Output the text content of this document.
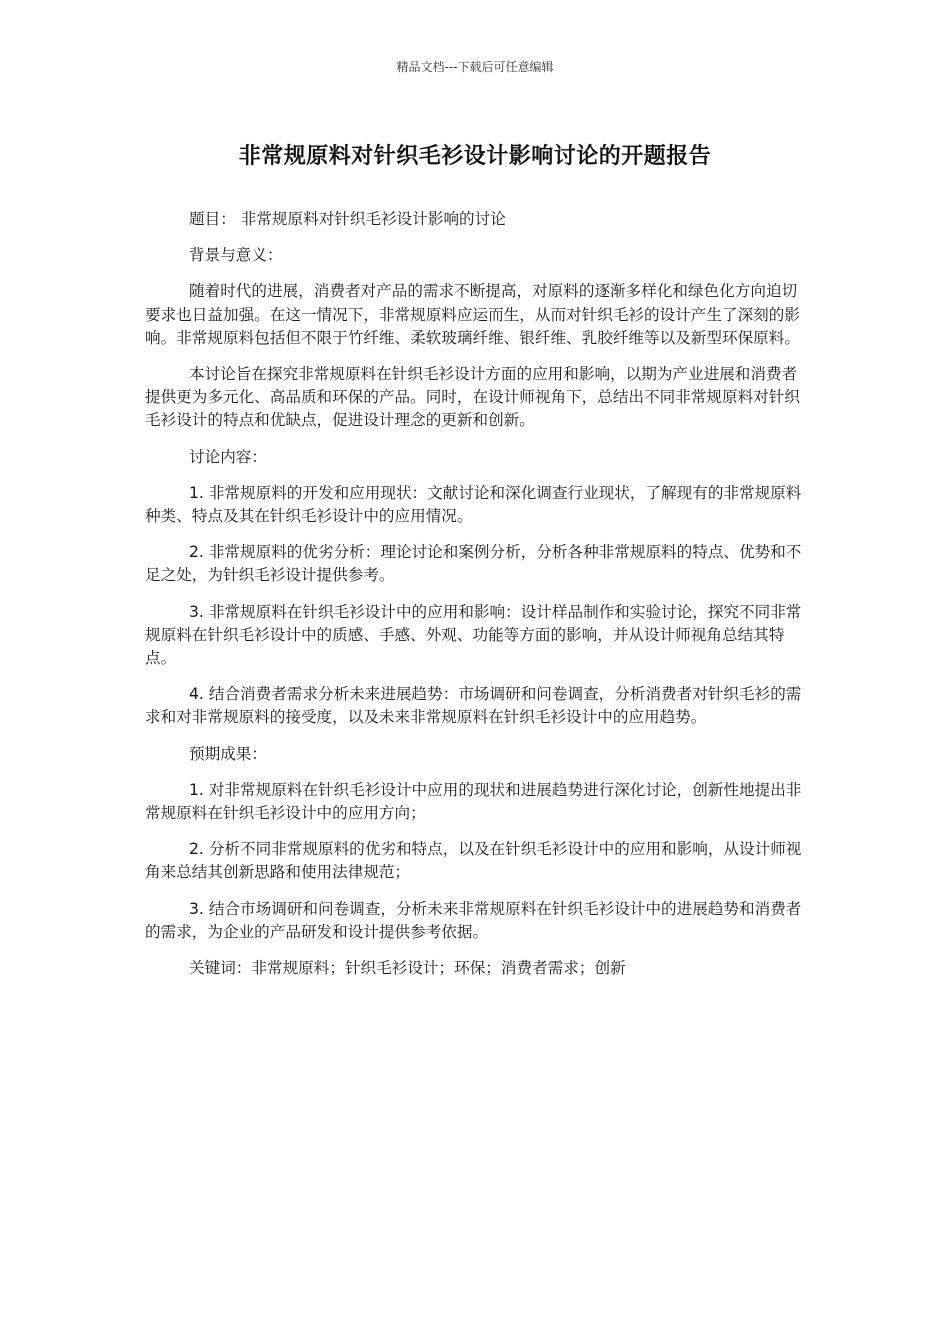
精品文档---下载后可任意编辑
非常规原料对针织毛衫设计影响讨论的开题报告

题目： 非常规原料对针织毛衫设计影响的讨论

背景与意义：

随着时代的进展，消费者对产品的需求不断提高，对原料的逐渐多样化和绿色化方向迫切要求也日益加强。在这一情况下，非常规原料应运而生，从而对针织毛衫的设计产生了深刻的影响。非常规原料包括但不限于竹纤维、柔软玻璃纤维、银纤维、乳胶纤维等以及新型环保原料。

本讨论旨在探究非常规原料在针织毛衫设计方面的应用和影响，以期为产业进展和消费者提供更为多元化、高品质和环保的产品。同时，在设计师视角下，总结出不同非常规原料对针织毛衫设计的特点和优缺点，促进设计理念的更新和创新。

讨论内容：

1. 非常规原料的开发和应用现状：文献讨论和深化调查行业现状，了解现有的非常规原料种类、特点及其在针织毛衫设计中的应用情况。

2. 非常规原料的优劣分析：理论讨论和案例分析，分析各种非常规原料的特点、优势和不足之处，为针织毛衫设计提供参考。

3. 非常规原料在针织毛衫设计中的应用和影响：设计样品制作和实验讨论，探究不同非常规原料在针织毛衫设计中的质感、手感、外观、功能等方面的影响，并从设计师视角总结其特点。

4. 结合消费者需求分析未来进展趋势：市场调研和问卷调查，分析消费者对针织毛衫的需求和对非常规原料的接受度，以及未来非常规原料在针织毛衫设计中的应用趋势。

预期成果：

1. 对非常规原料在针织毛衫设计中应用的现状和进展趋势进行深化讨论，创新性地提出非常规原料在针织毛衫设计中的应用方向；

2. 分析不同非常规原料的优劣和特点，以及在针织毛衫设计中的应用和影响，从设计师视角来总结其创新思路和使用法律规范；

3. 结合市场调研和问卷调查，分析未来非常规原料在针织毛衫设计中的进展趋势和消费者的需求，为企业的产品研发和设计提供参考依据。

关键词：非常规原料；针织毛衫设计；环保；消费者需求；创新
